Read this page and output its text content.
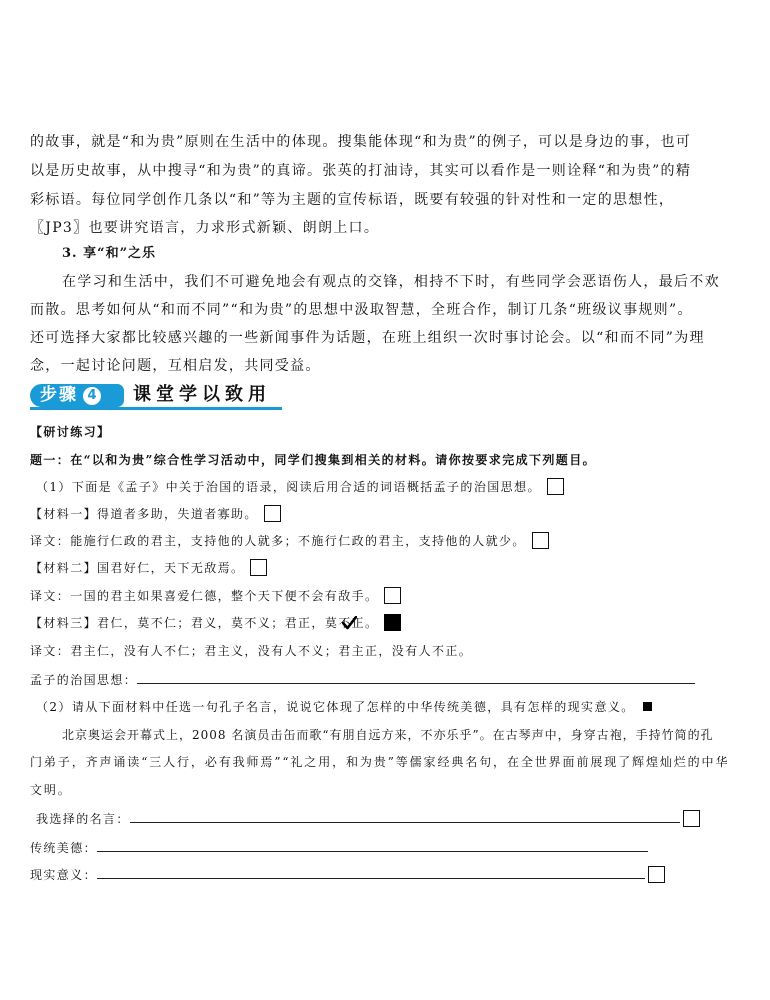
的故事，就是“和为贵”原则在生活中的体现。搜集能体现“和为贵”的例子，可以是身边的事，也可
以是历史故事，从中搜寻“和为贵”的真谛。张英的打油诗，其实可以看作是一则诠释“和为贵”的精
彩标语。每位同学创作几条以“和”等为主题的宣传标语，既要有较强的针对性和一定的思想性，
〖JP3〗也要讲究语言，力求形式新颖、朗朗上口。
3. 享“和”之乐
在学习和生活中，我们不可避免地会有观点的交锋，相持不下时，有些同学会恶语伤人，最后不欢
而散。思考如何从“和而不同”“和为贵”的思想中汲取智慧，全班合作，制订几条“班级议事规则”。
还可选择大家都比较感兴趣的一些新闻事件为话题，在班上组织一次时事讨论会。以“和而不同”为理
念，一起讨论问题，互相启发，共同受益。
步骤 4 课堂学以致用
【研讨练习】
题一：在“以和为贵”综合性学习活动中，同学们搜集到相关的材料。请你按要求完成下列题目。
（1）下面是《孟子》中关于治国的语录，阅读后用合适的词语概括孟子的治国思想。
【材料一】得道者多助，失道者寡助。
译文：能施行仁政的君主，支持他的人就多；不施行仁政的君主，支持他的人就少。
【材料二】国君好仁，天下无敌焉。
译文：一国的君主如果喜爱仁德，整个天下便不会有敌手。
【材料三】君仁，莫不仁；君义，莫不义；君正，莫不
正。
译文：君主仁，没有人不仁；君主义，没有人不义；君主正，没有人不正。
孟子的治国思想：
（2）请从下面材料中任选一句孔子名言，说说它体现了怎样的中华传统美德，具有怎样的现实意义。
北京奥运会开幕式上，2008 名演员击缶而歌“有朋自远方来，不亦乐乎”。在古琴声中，身穿古袍，手持竹简的孔
门弟子，齐声诵读“三人行，必有我师焉”“礼之用，和为贵”等儒家经典名句，在全世界面前展现了辉煌灿烂的中华
文明。
我选择的名言：
传统美德：
现实意义：
